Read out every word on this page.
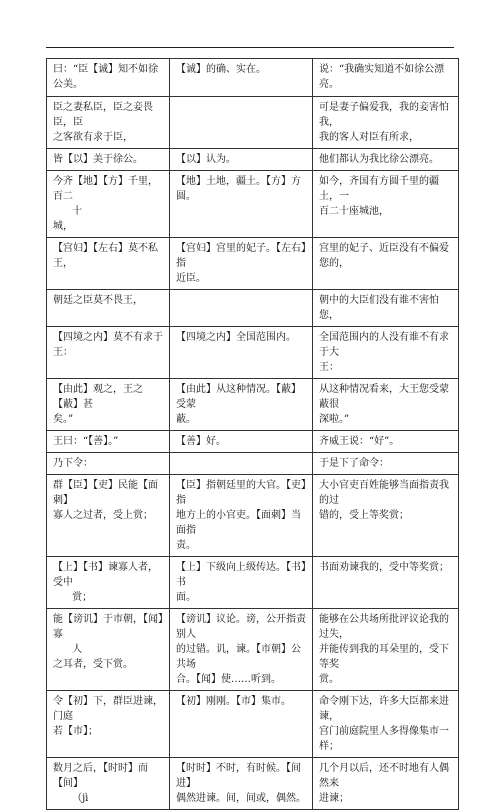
曰：“臣【诚】知不如徐公美。	【诚】的确、实在。	说：“我确实知道不如徐公漂亮。
臣之妻私臣，臣之妾畏臣，臣
之客欲有求于臣，		可是妻子偏爱我，我的妾害怕我，
我的客人对臣有所求，
皆【以】美于徐公。	【以】认为。	他们都认为我比徐公漂亮。
今齐【地】【方】千里，百二
十
城，	【地】土地，疆土。【方】方圆。	如今，齐国有方圆千里的疆土，一
百二十座城池，
【宫妇】【左右】莫不私王，	【宫妇】宫里的妃子。【左右】指
近臣。	宫里的妃子、近臣没有不偏爱您的，
朝廷之臣莫不畏王，		朝中的大臣们没有谁不害怕您，
【四境之内】莫不有求于王：	【四境之内】全国范围内。	全国范围内的人没有谁不有求于大
王：
【由此】观之，王之【蔽】甚
矣。”	【由此】从这种情况。【蔽】受蒙
蔽。	从这种情况看来，大王您受蒙蔽很
深啦。”
王曰：“【善】。”	【善】好。	齐威王说：“好”。
乃下令：		于是下了命令：
群【臣】【吏】民能【面刺】
寡人之过者，受上赏；	【臣】指朝廷里的大官。【吏】指
地方上的小官吏。【面刺】当面指
责。	大小官吏百姓能够当面指责我的过
错的，受上等奖赏；
【上】【书】谏寡人者，受中
赏；	【上】下级向上级传达。【书】书
面。	书面劝谏我的，受中等奖赏；
能【谤讥】于市朝，【闻】寡
人
之耳者，受下赏。	【谤讥】议论。谤，公开指责别人
的过错。讥，谏。【市朝】公共场
合。【闻】使……听到。	能够在公共场所批评议论我的过失，
并能传到我的耳朵里的，受下等奖
赏。
令【初】下，群臣进谏，门庭
若【市】；	【初】刚刚。【市】集市。	命令刚下达，许多大臣都来进谏，
宫门前庭院里人多得像集市一样；
数月之后，【时时】而【间】
（jì	【时时】不时，有时候。【间进】
偶然进谏。间，间或，偶然。	几个月以后，还不时地有人偶然来
进谏；
